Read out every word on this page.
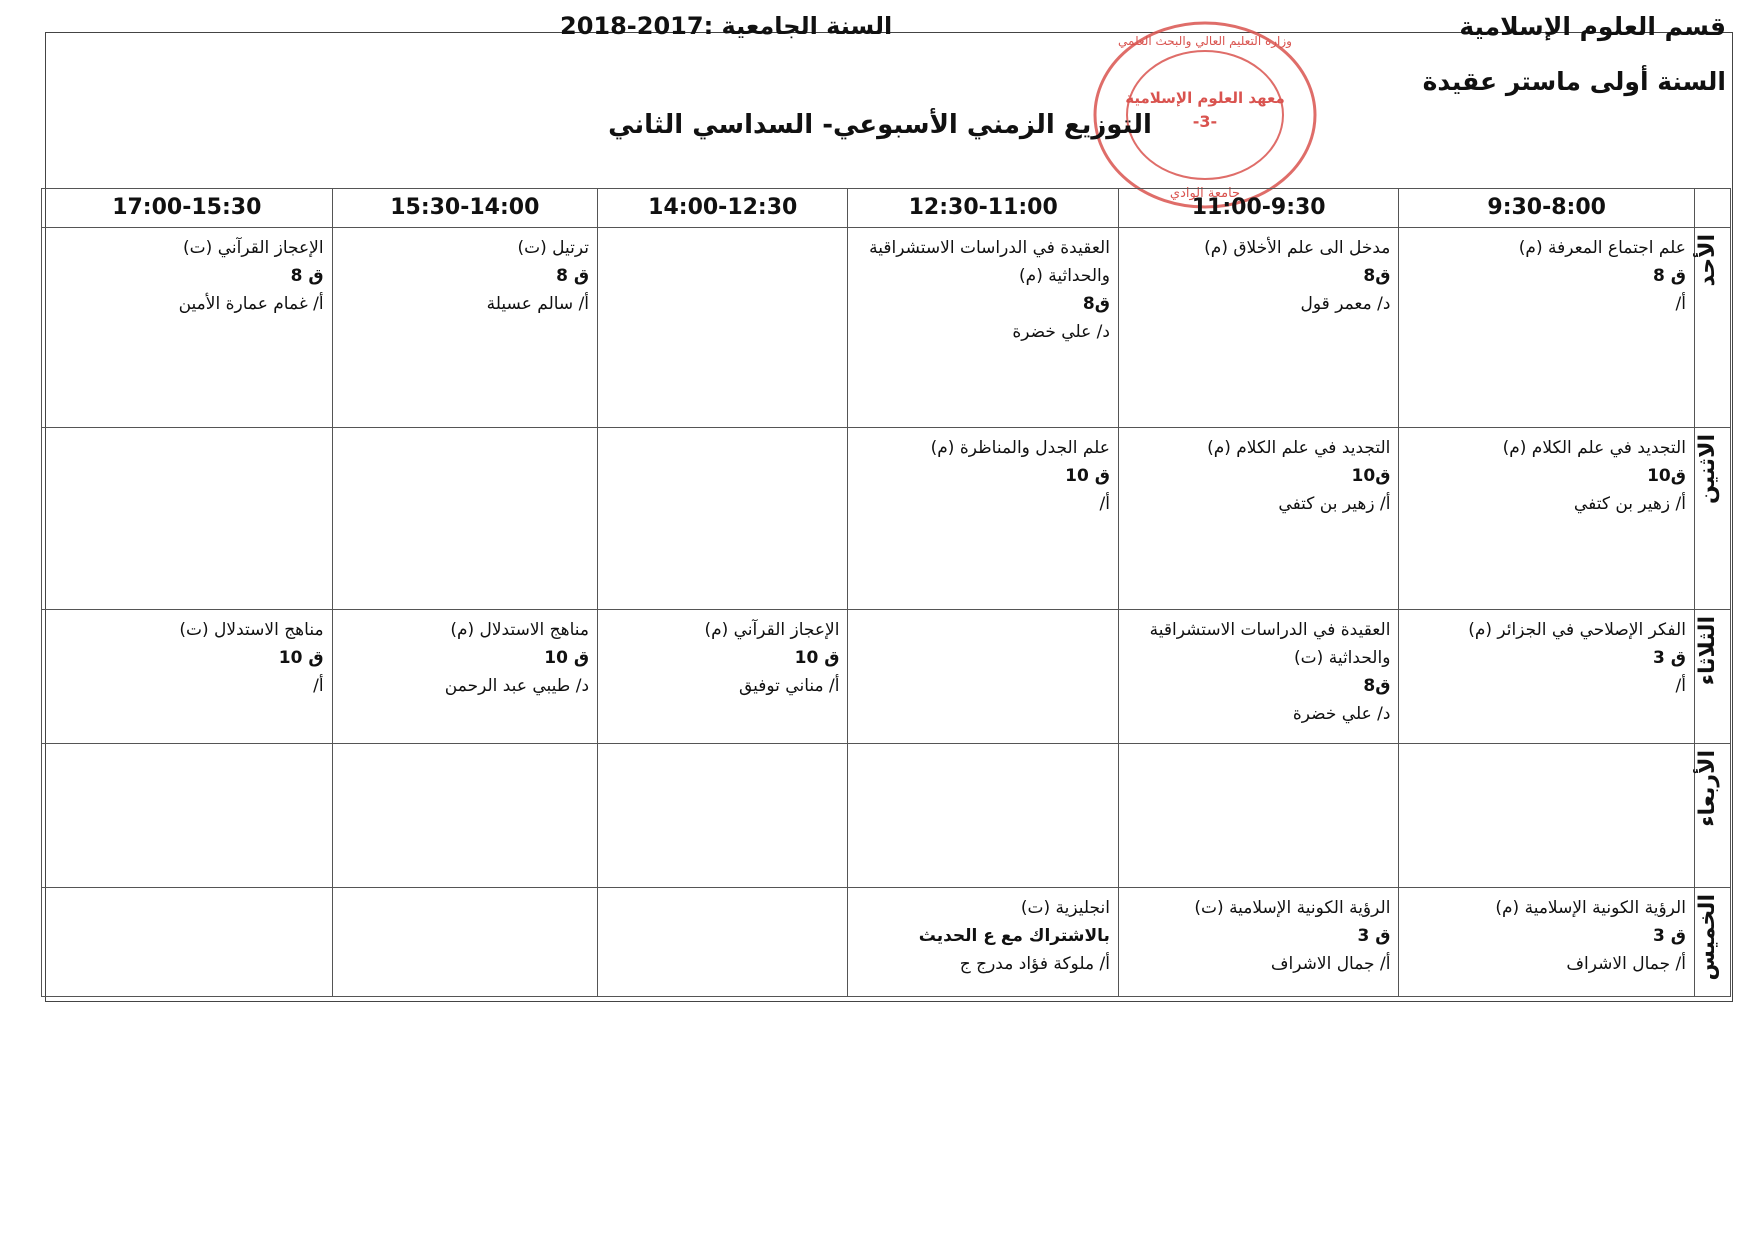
قسم العلوم الإسلامية
السنة أولى ماستر عقيدة
السنة الجامعية :2017-2018
وزارة التعليم العالي والبحث العلمي
معهد العلوم الإسلامية
-3-
جامعة الوادي
التوزيع الزمني الأسبوعي- السداسي الثاني
	9:30-8:00	11:00-9:30	12:30-11:00	14:00-12:30	15:30-14:00	17:00-15:30
الأحد	علم اجتماع المعرفة (م)
ق 8
أ/	مدخل الى علم الأخلاق (م)
ق8
د/ معمر قول	العقيدة في الدراسات الاستشراقية والحداثية (م)
ق8
د/ علي خضرة		ترتيل (ت)
ق 8
أ/ سالم عسيلة	الإعجاز القرآني (ت)
ق 8
أ/ غمام عمارة الأمين

الاثنين	التجديد في علم الكلام (م)
ق10
أ/ زهير بن كتفي	التجديد في علم الكلام (م)
ق10
أ/ زهير بن كتفي	علم الجدل والمناظرة (م)
ق 10
أ/			

الثلاثاء	الفكر الإصلاحي في الجزائر (م)
ق 3
أ/	العقيدة في الدراسات الاستشراقية والحداثية (ت)
ق8
د/ علي خضرة		الإعجاز القرآني (م)
ق 10
أ/ مناني توفيق	مناهج الاستدلال (م)
ق 10
د/ طيبي عبد الرحمن	مناهج الاستدلال (ت)
ق 10
أ/

الأربعاء	

الخميس	الرؤية الكونية الإسلامية (م)
ق 3
أ/ جمال الاشراف	الرؤية الكونية الإسلامية (ت)
ق 3
أ/ جمال الاشراف	انجليزية (ت)
بالاشتراك مع ع الحديث
أ/ ملوكة فؤاد مدرج ج			
